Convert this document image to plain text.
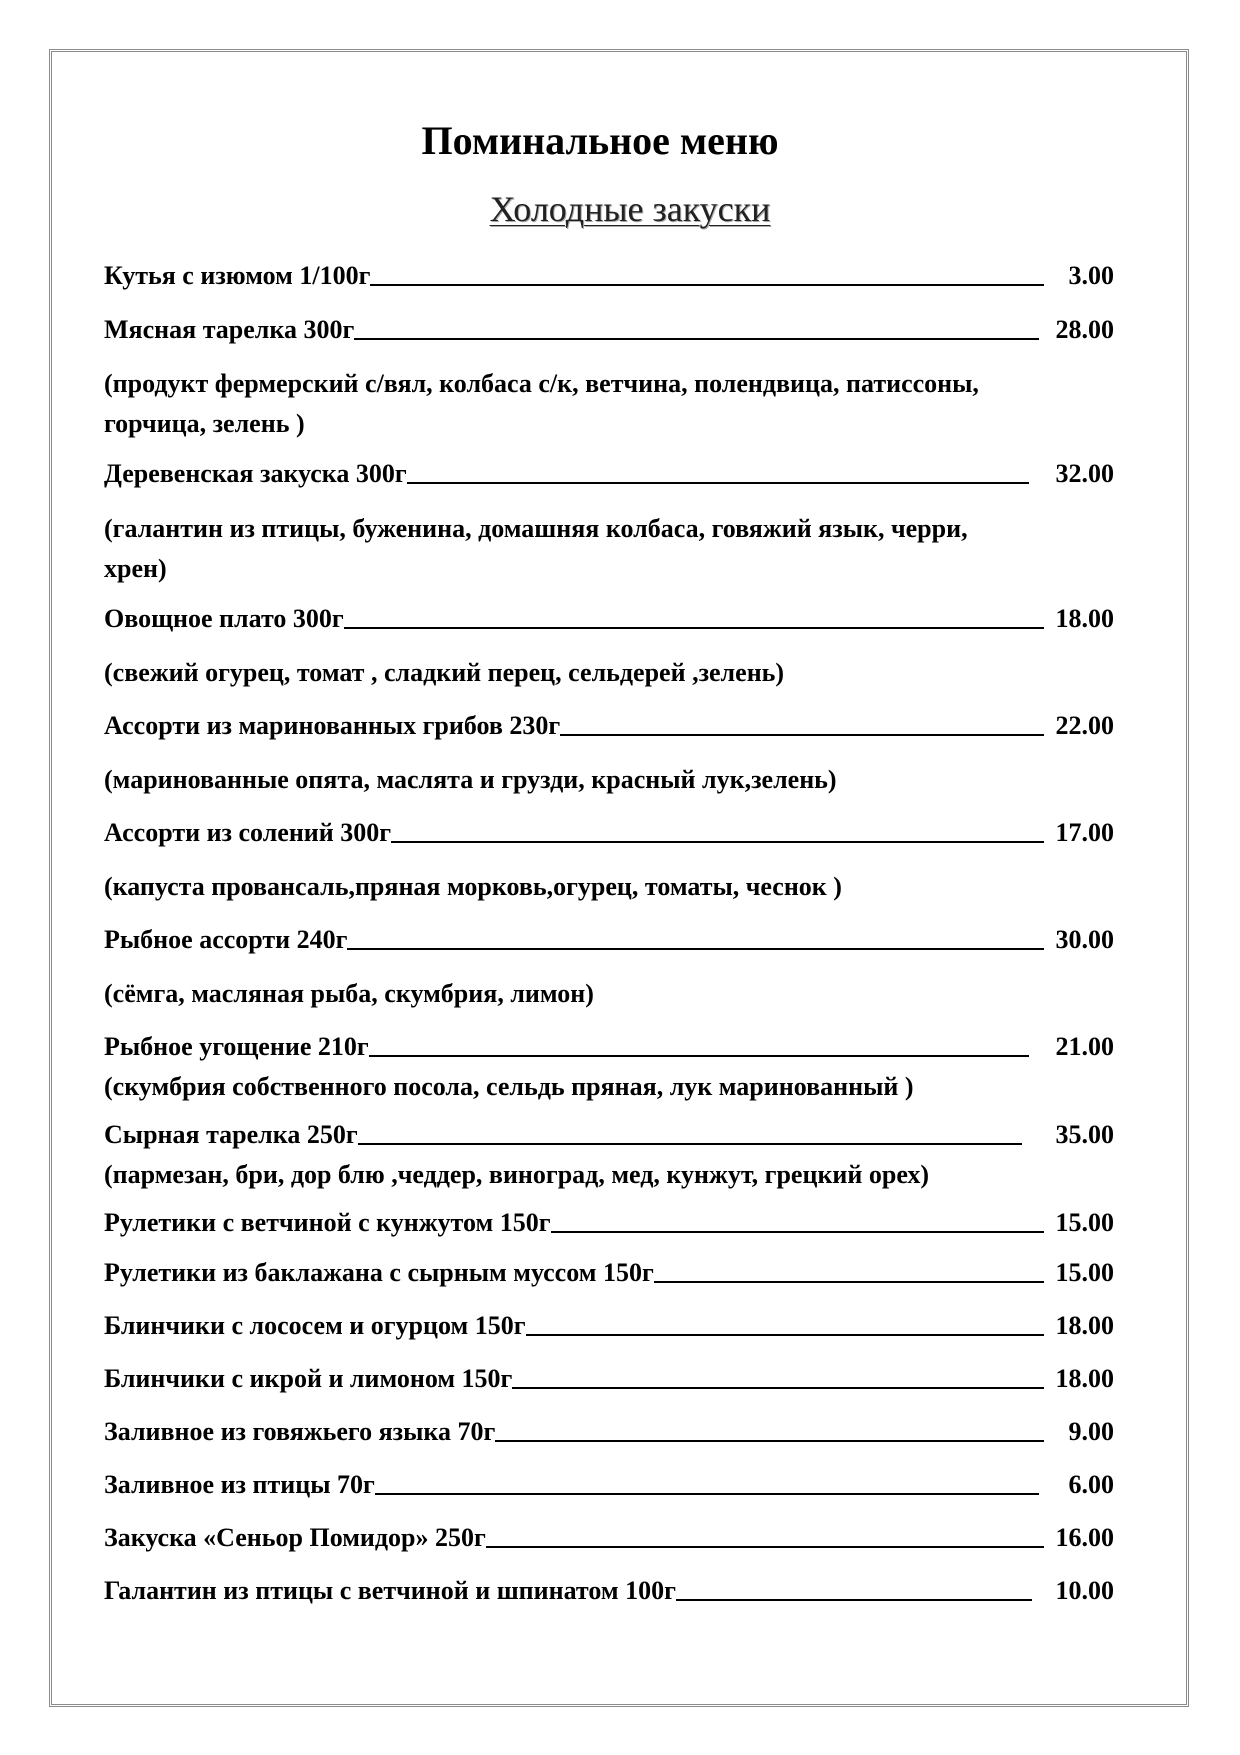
Поминальное меню
Холодные закуски
Кутья с изюмом 1/100г	3.00
Мясная тарелка 300г	28.00
(продукт фермерский с/вял, колбаса с/к, ветчина, полендвица, патиссоны,
горчица, зелень )
Деревенская закуска 300г	32.00
(галантин из птицы, буженина, домашняя колбаса, говяжий язык, черри,
хрен)
Овощное плато 300г	18.00
(свежий огурец, томат , сладкий перец, сельдерей ,зелень)
Ассорти из маринованных грибов 230г	22.00
(маринованные опята, маслята и грузди, красный лук,зелень)
Ассорти из солений 300г	17.00
(капуста провансаль,пряная морковь,огурец, томаты, чеснок )
Рыбное ассорти 240г	30.00
(сёмга, масляная рыба, скумбрия, лимон)
Рыбное угощение 210г	21.00
(скумбрия собственного посола, сельдь пряная, лук маринованный )
Сырная тарелка 250г	35.00
(пармезан, бри, дор блю ,чеддер, виноград, мед, кунжут, грецкий орех)
Рулетики с ветчиной с кунжутом 150г	15.00
Рулетики из баклажана с сырным муссом 150г	15.00
Блинчики с лососем и огурцом 150г	18.00
Блинчики с икрой и лимоном 150г	18.00
Заливное из говяжьего языка 70г	9.00
Заливное из птицы 70г	6.00
Закуска «Сеньор Помидор» 250г	16.00
Галантин из птицы с ветчиной и шпинатом 100г	10.00
